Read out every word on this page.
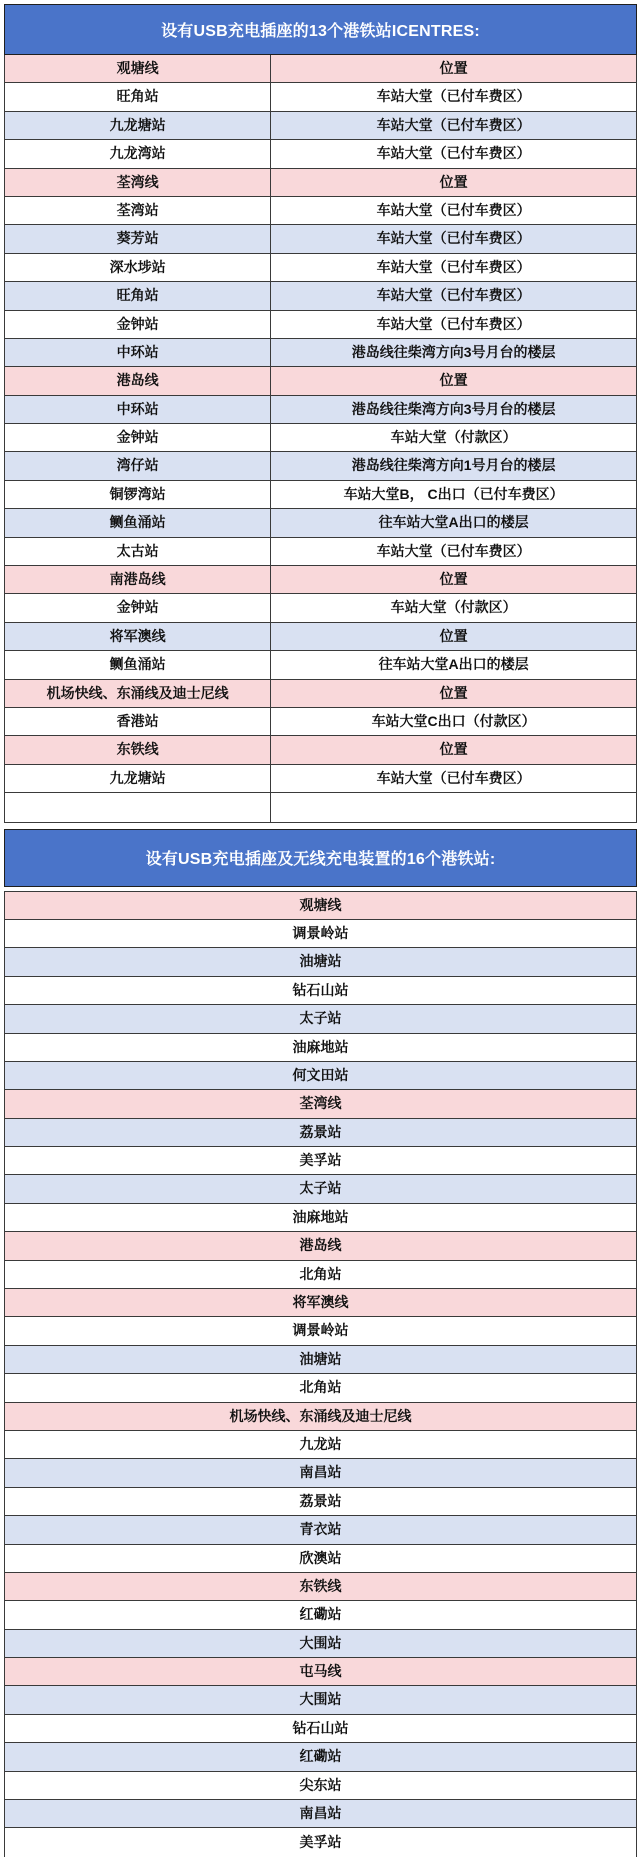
设有USB充电插座的13个港铁站ICENTRES:
观塘线	位置
旺角站	车站大堂（已付车费区）
九龙塘站	车站大堂（已付车费区）
九龙湾站	车站大堂（已付车费区）
荃湾线	位置
荃湾站	车站大堂（已付车费区）
葵芳站	车站大堂（已付车费区）
深水埗站	车站大堂（已付车费区）
旺角站	车站大堂（已付车费区）
金钟站	车站大堂（已付车费区）
中环站	港岛线往柴湾方向3号月台的楼层
港岛线	位置
中环站	港岛线往柴湾方向3号月台的楼层
金钟站	车站大堂（付款区）
湾仔站	港岛线往柴湾方向1号月台的楼层
铜锣湾站	车站大堂B， C出口（已付车费区）
鲗鱼涌站	往车站大堂A出口的楼层
太古站	车站大堂（已付车费区）
南港岛线	位置
金钟站	车站大堂（付款区）
将军澳线	位置
鲗鱼涌站	往车站大堂A出口的楼层
机场快线、东涌线及迪士尼线	位置
香港站	车站大堂C出口（付款区）
东铁线	位置
九龙塘站	车站大堂（已付车费区）
设有USB充电插座及无线充电装置的16个港铁站:
观塘线
调景岭站
油塘站
钻石山站
太子站
油麻地站
何文田站
荃湾线
荔景站
美孚站
太子站
油麻地站
港岛线
北角站
将军澳线
调景岭站
油塘站
北角站
机场快线、东涌线及迪士尼线
九龙站
南昌站
荔景站
青衣站
欣澳站
东铁线
红磡站
大围站
屯马线
大围站
钻石山站
红磡站
尖东站
南昌站
美孚站
